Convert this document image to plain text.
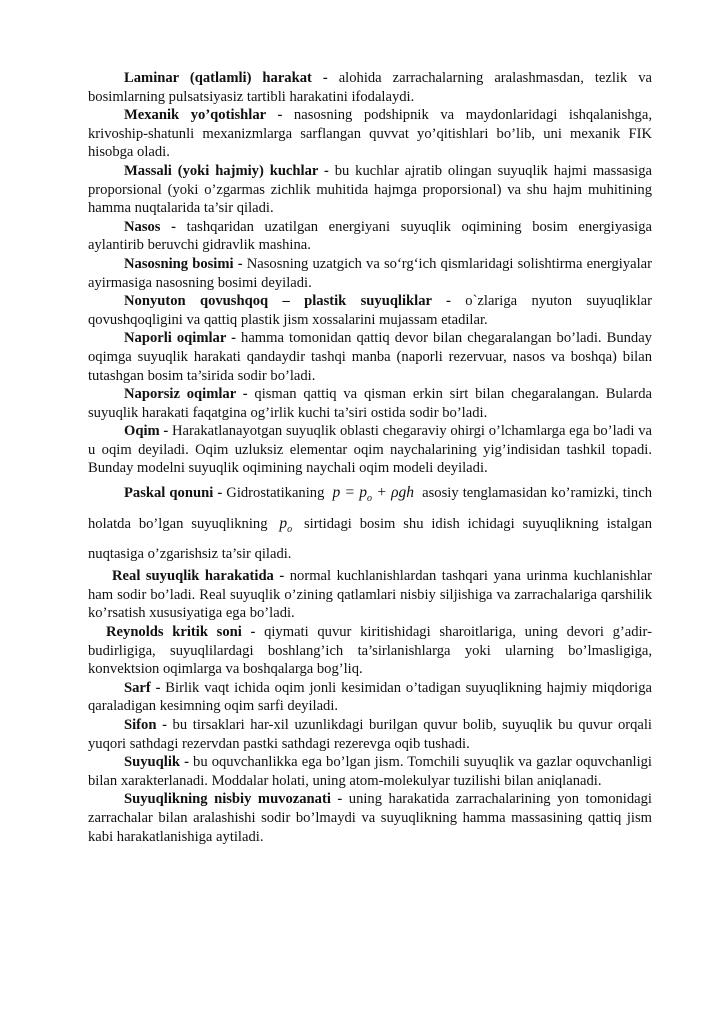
Laminar (qatlamli) harakat - alohida zarrachalarning aralashmasdan, tezlik va bosimlarning pulsatsiyasiz tartibli harakatini ifodalaydi.

Mexanik yo’qotishlar - nasosning podshipnik va maydonlaridagi ishqalanishga, krivoship-shatunli mexanizmlarga sarflangan quvvat yo’qitishlari bo’lib, uni mexanik FIK hisobga oladi.

Massali (yoki hajmiy) kuchlar - bu kuchlar ajratib olingan suyuqlik hajmi massasiga proporsional (yoki o’zgarmas zichlik muhitida hajmga proporsional) va shu hajm muhitining hamma nuqtalarida ta’sir qiladi.

Nasos - tashqaridan uzatilgan energiyani suyuqlik oqimining bosim energiyasiga aylantirib beruvchi gidravlik mashina.

Nasosning bosimi - Nasosning uzatgich va so‘rg‘ich qismlaridagi solishtirma energiyalar ayirmasiga nasosning bosimi deyiladi.

Nonyuton qovushqoq – plastik suyuqliklar - o`zlariga nyuton suyuqliklar qovushqoqligini va qattiq plastik jism xossalarini mujassam etadilar.

Naporli oqimlar - hamma tomonidan qattiq devor bilan chegaralangan bo’ladi. Bunday oqimga suyuqlik harakati qandaydir tashqi manba (naporli rezervuar, nasos va boshqa) bilan tutashgan bosim ta’sirida sodir bo’ladi.

Naporsiz oqimlar - qisman qattiq va qisman erkin sirt bilan chegaralangan. Bularda suyuqlik harakati faqatgina og’irlik kuchi ta’siri ostida sodir bo’ladi.

Oqim - Harakatlanayotgan suyuqlik oblasti chegaraviy ohirgi o’lchamlarga ega bo’ladi va u oqim deyiladi. Oqim uzluksiz elementar oqim naychalarining yig’indisidan tashkil topadi. Bunday modelni suyuqlik oqimining naychali oqim modeli deyiladi.

Paskal qonuni - Gidrostatikaning $p = p_o + \rho gh$ asosiy tenglamasidan ko’ramizki, tinch holatda bo’lgan suyuqlikning $p_o$ sirtidagi bosim shu idish ichidagi suyuqlikning istalgan nuqtasiga o’zgarishsiz ta’sir qiladi.

Real suyuqlik harakatida - normal kuchlanishlardan tashqari yana urinma kuchlanishlar ham sodir bo’ladi. Real suyuqlik o’zining qatlamlari nisbiy siljishiga va zarrachalariga qarshilik ko’rsatish xususiyatiga ega bo’ladi.

Reynolds kritik soni - qiymati quvur kiritishidagi sharoitlariga, uning devori g’adir-budirligiga, suyuqlilardagi boshlang’ich ta’sirlanishlarga yoki ularning bo’lmasligiga, konvektsion oqimlarga va boshqalarga bog’liq.

Sarf - Birlik vaqt ichida oqim jonli kesimidan o’tadigan suyuqlikning hajmiy miqdoriga qaraladigan kesimning oqim sarfi deyiladi.

Sifon - bu tirsaklari har-xil uzunlikdagi burilgan quvur bolib, suyuqlik bu quvur orqali yuqori sathdagi rezervdan pastki sathdagi rezerevga oqib tushadi.

Suyuqlik - bu oquvchanlikka ega bo’lgan jism. Tomchili suyuqlik va gazlar oquvchanligi bilan xarakterlanadi. Moddalar holati, uning atom-molekulyar tuzilishi bilan aniqlanadi.

Suyuqlikning nisbiy muvozanati - uning harakatida zarrachalarining yon tomonidagi zarrachalar bilan aralashishi sodir bo’lmaydi va suyuqlikning hamma massasining qattiq jism kabi harakatlanishiga aytiladi.
